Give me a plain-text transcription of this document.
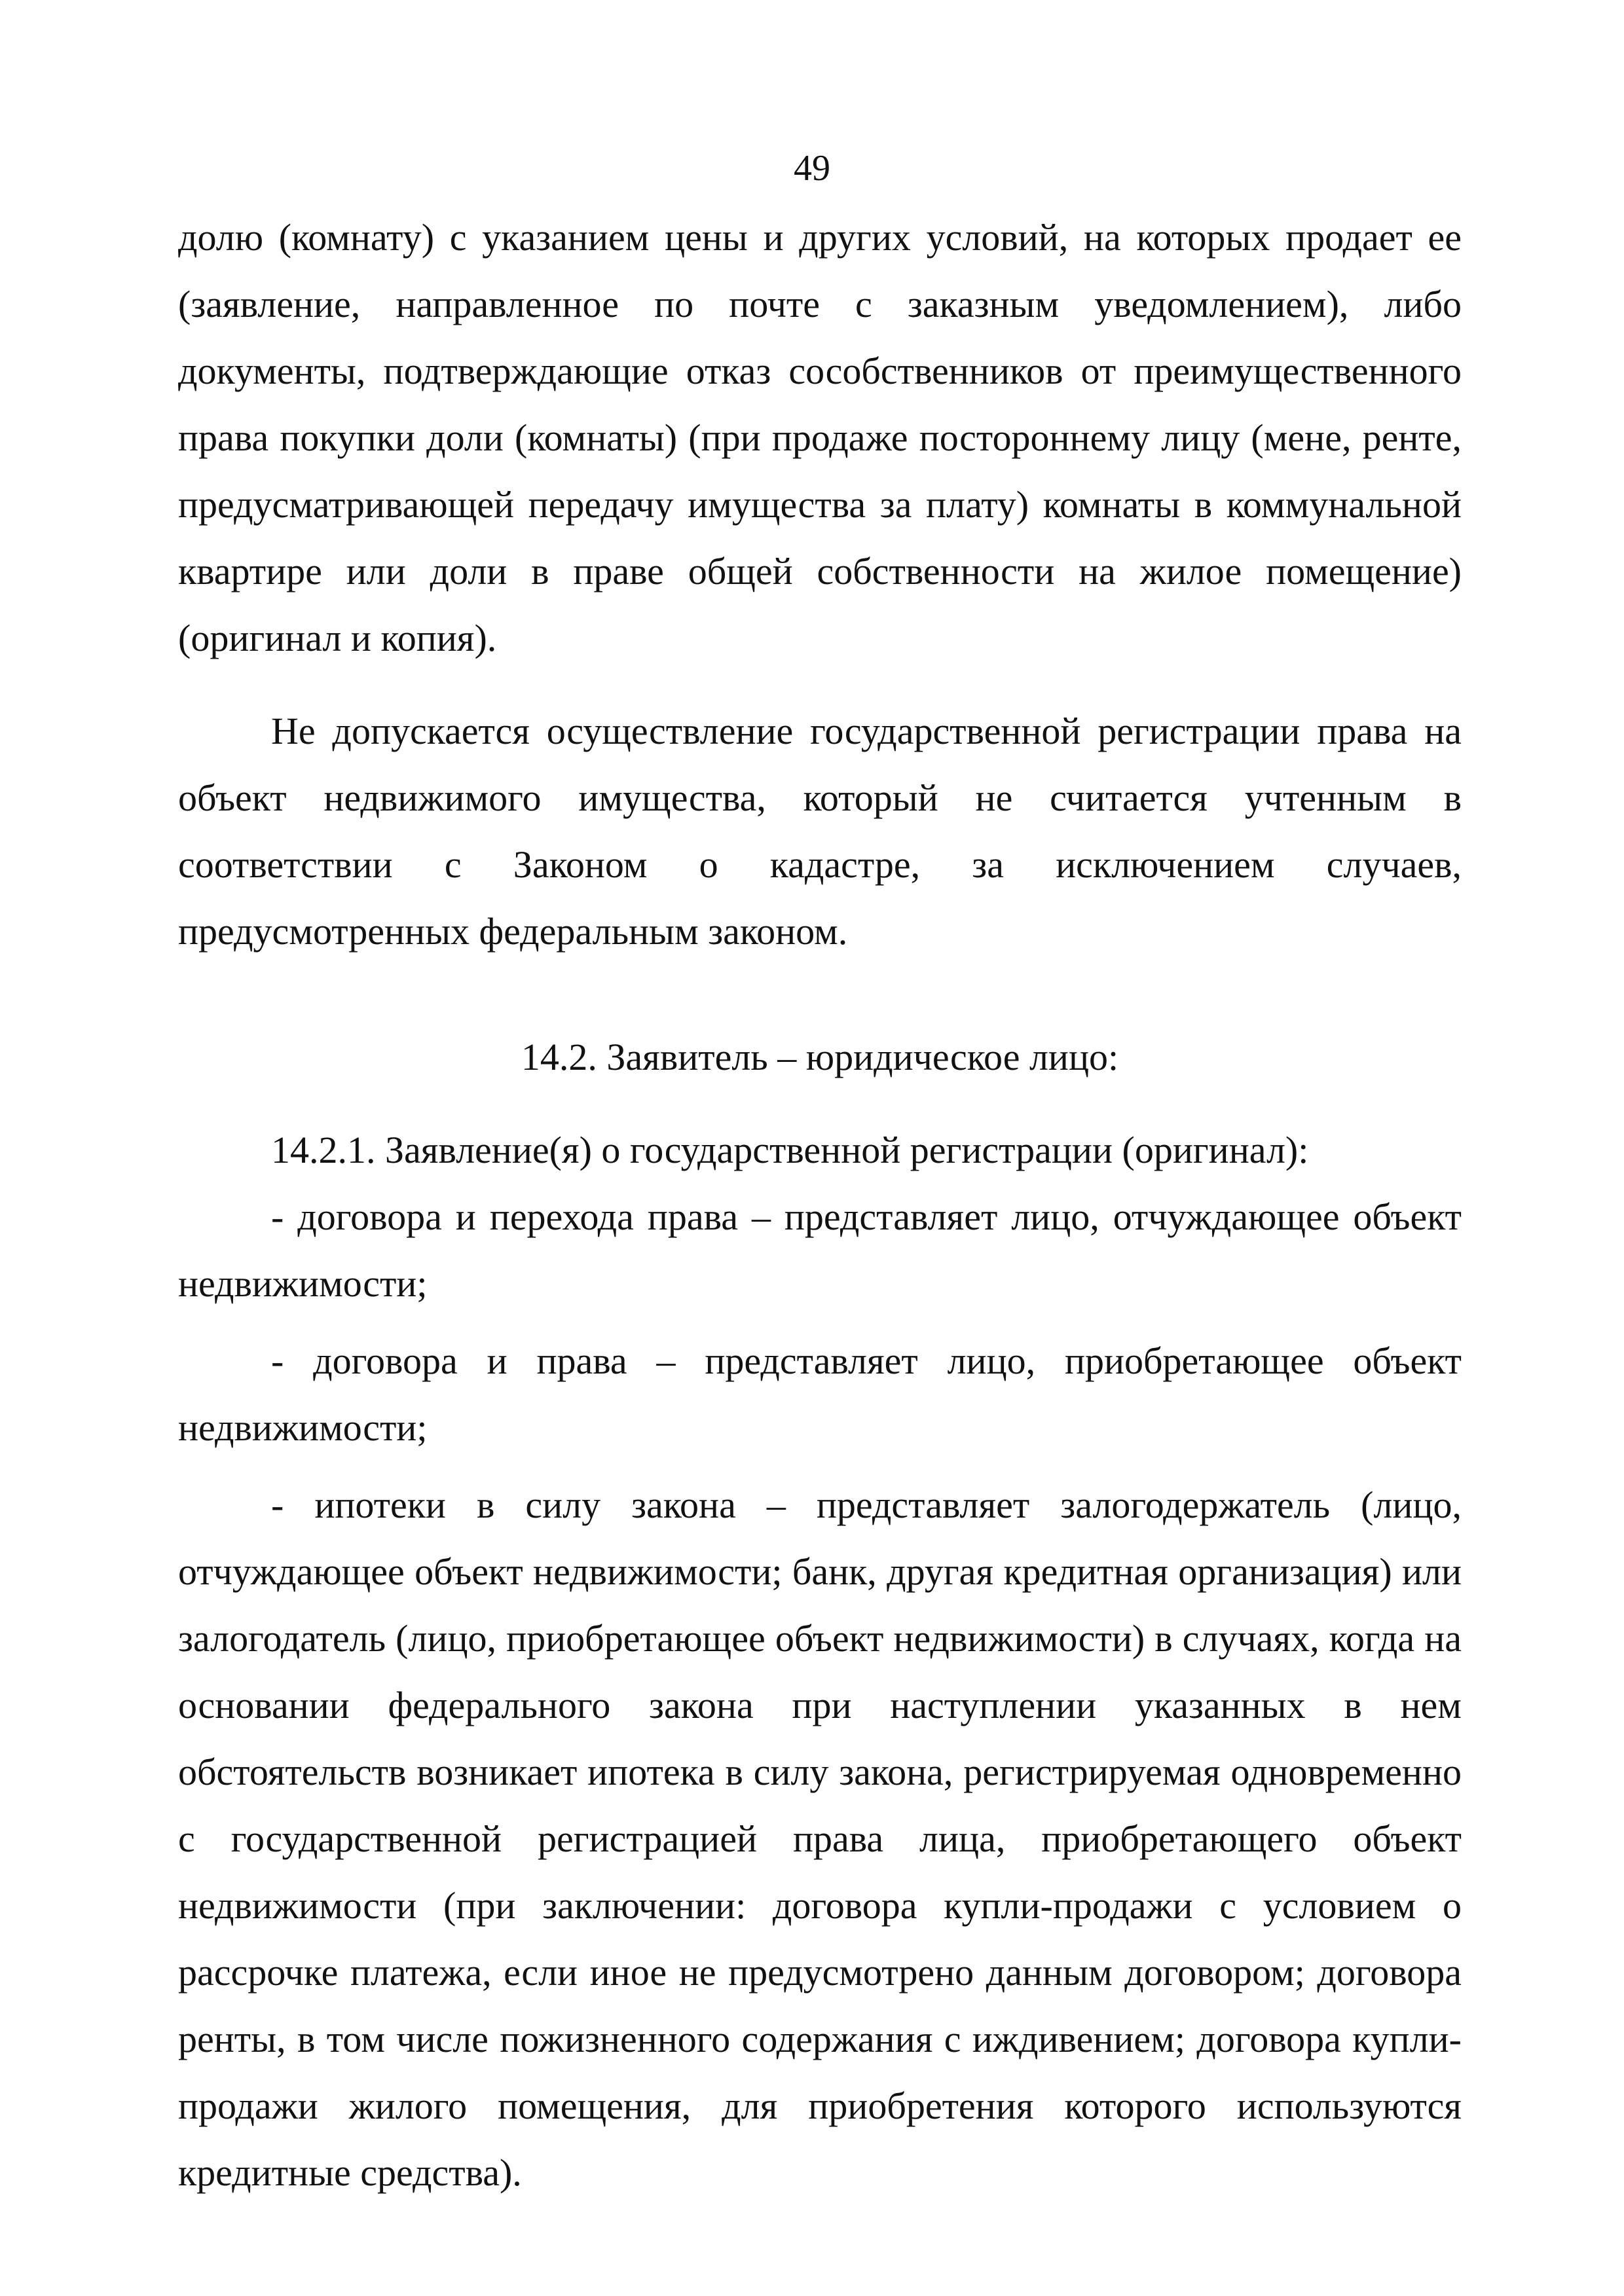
49

долю (комнату) с указанием цены и других условий, на которых продает ее (заявление, направленное по почте с заказным уведомлением), либо документы, подтверждающие отказ сособственников от преимущественного права покупки доли (комнаты) (при продаже постороннему лицу (мене, ренте, предусматривающей передачу имущества за плату) комнаты в коммунальной квартире или доли в праве общей собственности на жилое помещение) (оригинал и копия).

Не допускается осуществление государственной регистрации права на объект недвижимого имущества, который не считается учтенным в соответствии с Законом о кадастре, за исключением случаев, предусмотренных федеральным законом.

14.2. Заявитель – юридическое лицо:

14.2.1. Заявление(я) о государственной регистрации (оригинал):

- договора и перехода права – представляет лицо, отчуждающее объект недвижимости;

- договора и права – представляет лицо, приобретающее объект недвижимости;

- ипотеки в силу закона – представляет залогодержатель (лицо, отчуждающее объект недвижимости; банк, другая кредитная организация) или залогодатель (лицо, приобретающее объект недвижимости) в случаях, когда на основании федерального закона при наступлении указанных в нем обстоятельств возникает ипотека в силу закона, регистрируемая одновременно с государственной регистрацией права лица, приобретающего объект недвижимости (при заключении: договора купли-продажи с условием о рассрочке платежа, если иное не предусмотрено данным договором; договора ренты, в том числе пожизненного содержания с иждивением; договора купли-продажи жилого помещения, для приобретения которого используются кредитные средства).
